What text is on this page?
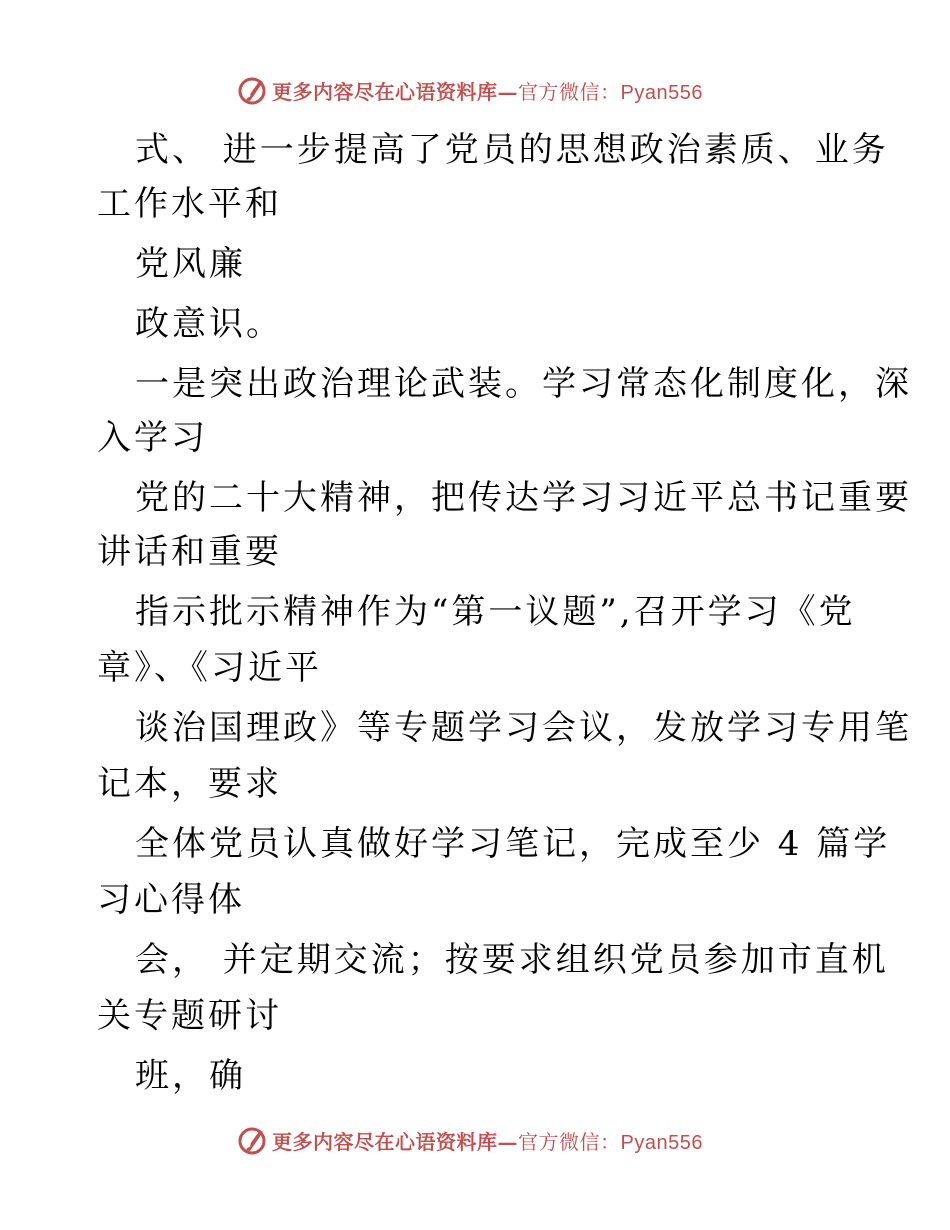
更多内容尽在心语资料库—官方微信：Pyan556
式、 进一步提高了党员的思想政治素质、业务
工作水平和
党风廉
政意识。
一是突出政治理论武装。学习常态化制度化，深
入学习
党的二十大精神，把传达学习习近平总书记重要
讲话和重要
指示批示精神作为“第一议题”,召开学习《党
章》、《习近平
谈治国理政》等专题学习会议，发放学习专用笔
记本，要求
全体党员认真做好学习笔记，完成至少 4 篇学
习心得体
会， 并定期交流；按要求组织党员参加市直机
关专题研讨
班，确
更多内容尽在心语资料库—官方微信：Pyan556
